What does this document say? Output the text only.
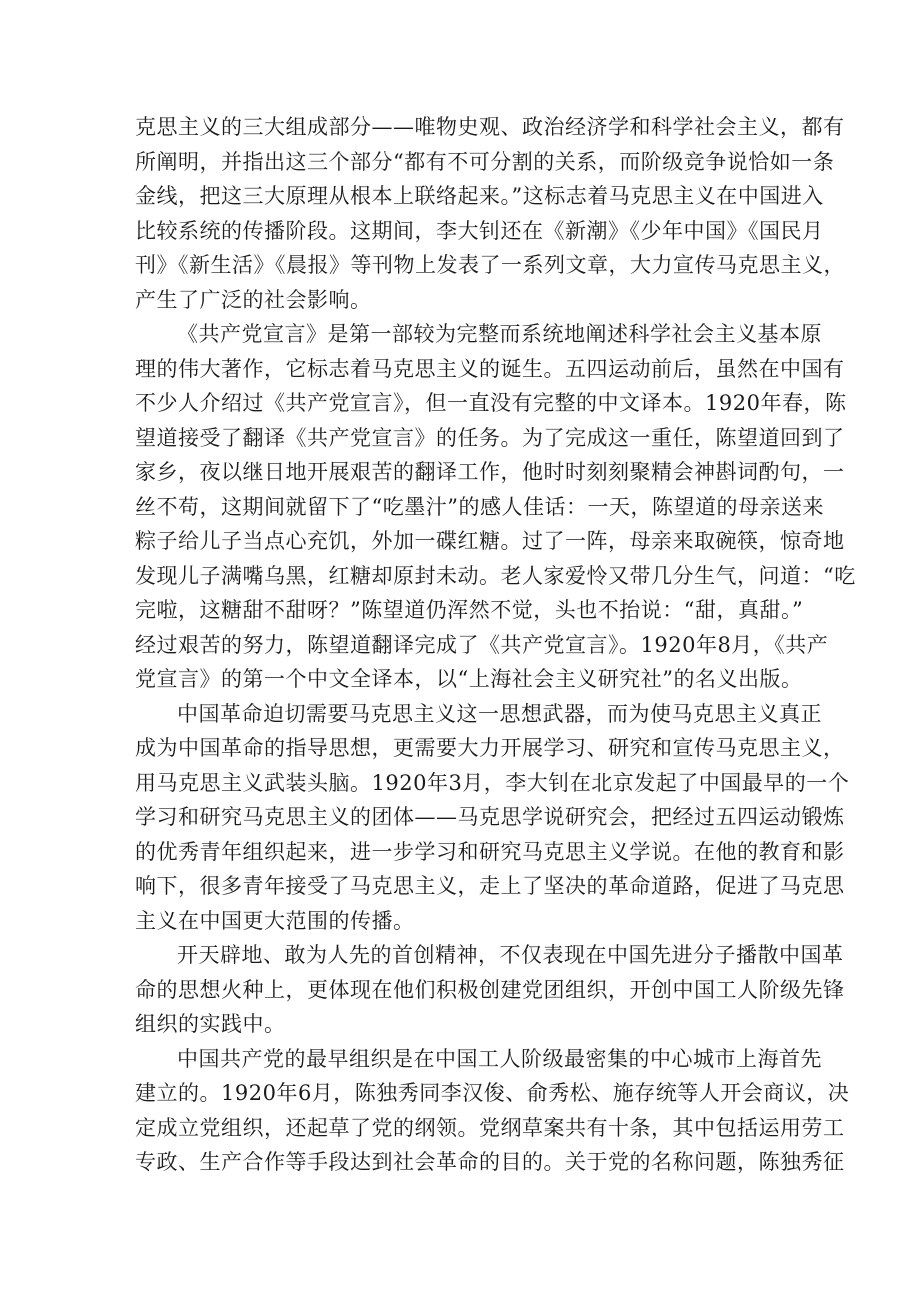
克思主义的三大组成部分——唯物史观、政治经济学和科学社会主义，都有
所阐明，并指出这三个部分“都有不可分割的关系，而阶级竞争说恰如一条
金线，把这三大原理从根本上联络起来。”这标志着马克思主义在中国进入
比较系统的传播阶段。这期间，李大钊还在《新潮》《少年中国》《国民月
刊》《新生活》《晨报》等刊物上发表了一系列文章，大力宣传马克思主义，
产生了广泛的社会影响。
《共产党宣言》是第一部较为完整而系统地阐述科学社会主义基本原
理的伟大著作，它标志着马克思主义的诞生。五四运动前后，虽然在中国有
不少人介绍过《共产党宣言》，但一直没有完整的中文译本。1920年春，陈
望道接受了翻译《共产党宣言》的任务。为了完成这一重任，陈望道回到了
家乡，夜以继日地开展艰苦的翻译工作，他时时刻刻聚精会神斟词酌句，一
丝不苟，这期间就留下了“吃墨汁”的感人佳话：一天，陈望道的母亲送来
粽子给儿子当点心充饥，外加一碟红糖。过了一阵，母亲来取碗筷，惊奇地
发现儿子满嘴乌黑，红糖却原封未动。老人家爱怜又带几分生气，问道：“吃
完啦，这糖甜不甜呀？”陈望道仍浑然不觉，头也不抬说：“甜，真甜。”
经过艰苦的努力，陈望道翻译完成了《共产党宣言》。1920年8月，《共产
党宣言》的第一个中文全译本，以“上海社会主义研究社”的名义出版。
中国革命迫切需要马克思主义这一思想武器，而为使马克思主义真正
成为中国革命的指导思想，更需要大力开展学习、研究和宣传马克思主义，
用马克思主义武装头脑。1920年3月，李大钊在北京发起了中国最早的一个
学习和研究马克思主义的团体——马克思学说研究会，把经过五四运动锻炼
的优秀青年组织起来，进一步学习和研究马克思主义学说。在他的教育和影
响下，很多青年接受了马克思主义，走上了坚决的革命道路，促进了马克思
主义在中国更大范围的传播。
开天辟地、敢为人先的首创精神，不仅表现在中国先进分子播散中国革
命的思想火种上，更体现在他们积极创建党团组织，开创中国工人阶级先锋
组织的实践中。
中国共产党的最早组织是在中国工人阶级最密集的中心城市上海首先
建立的。1920年6月，陈独秀同李汉俊、俞秀松、施存统等人开会商议，决
定成立党组织，还起草了党的纲领。党纲草案共有十条，其中包括运用劳工
专政、生产合作等手段达到社会革命的目的。关于党的名称问题，陈独秀征
